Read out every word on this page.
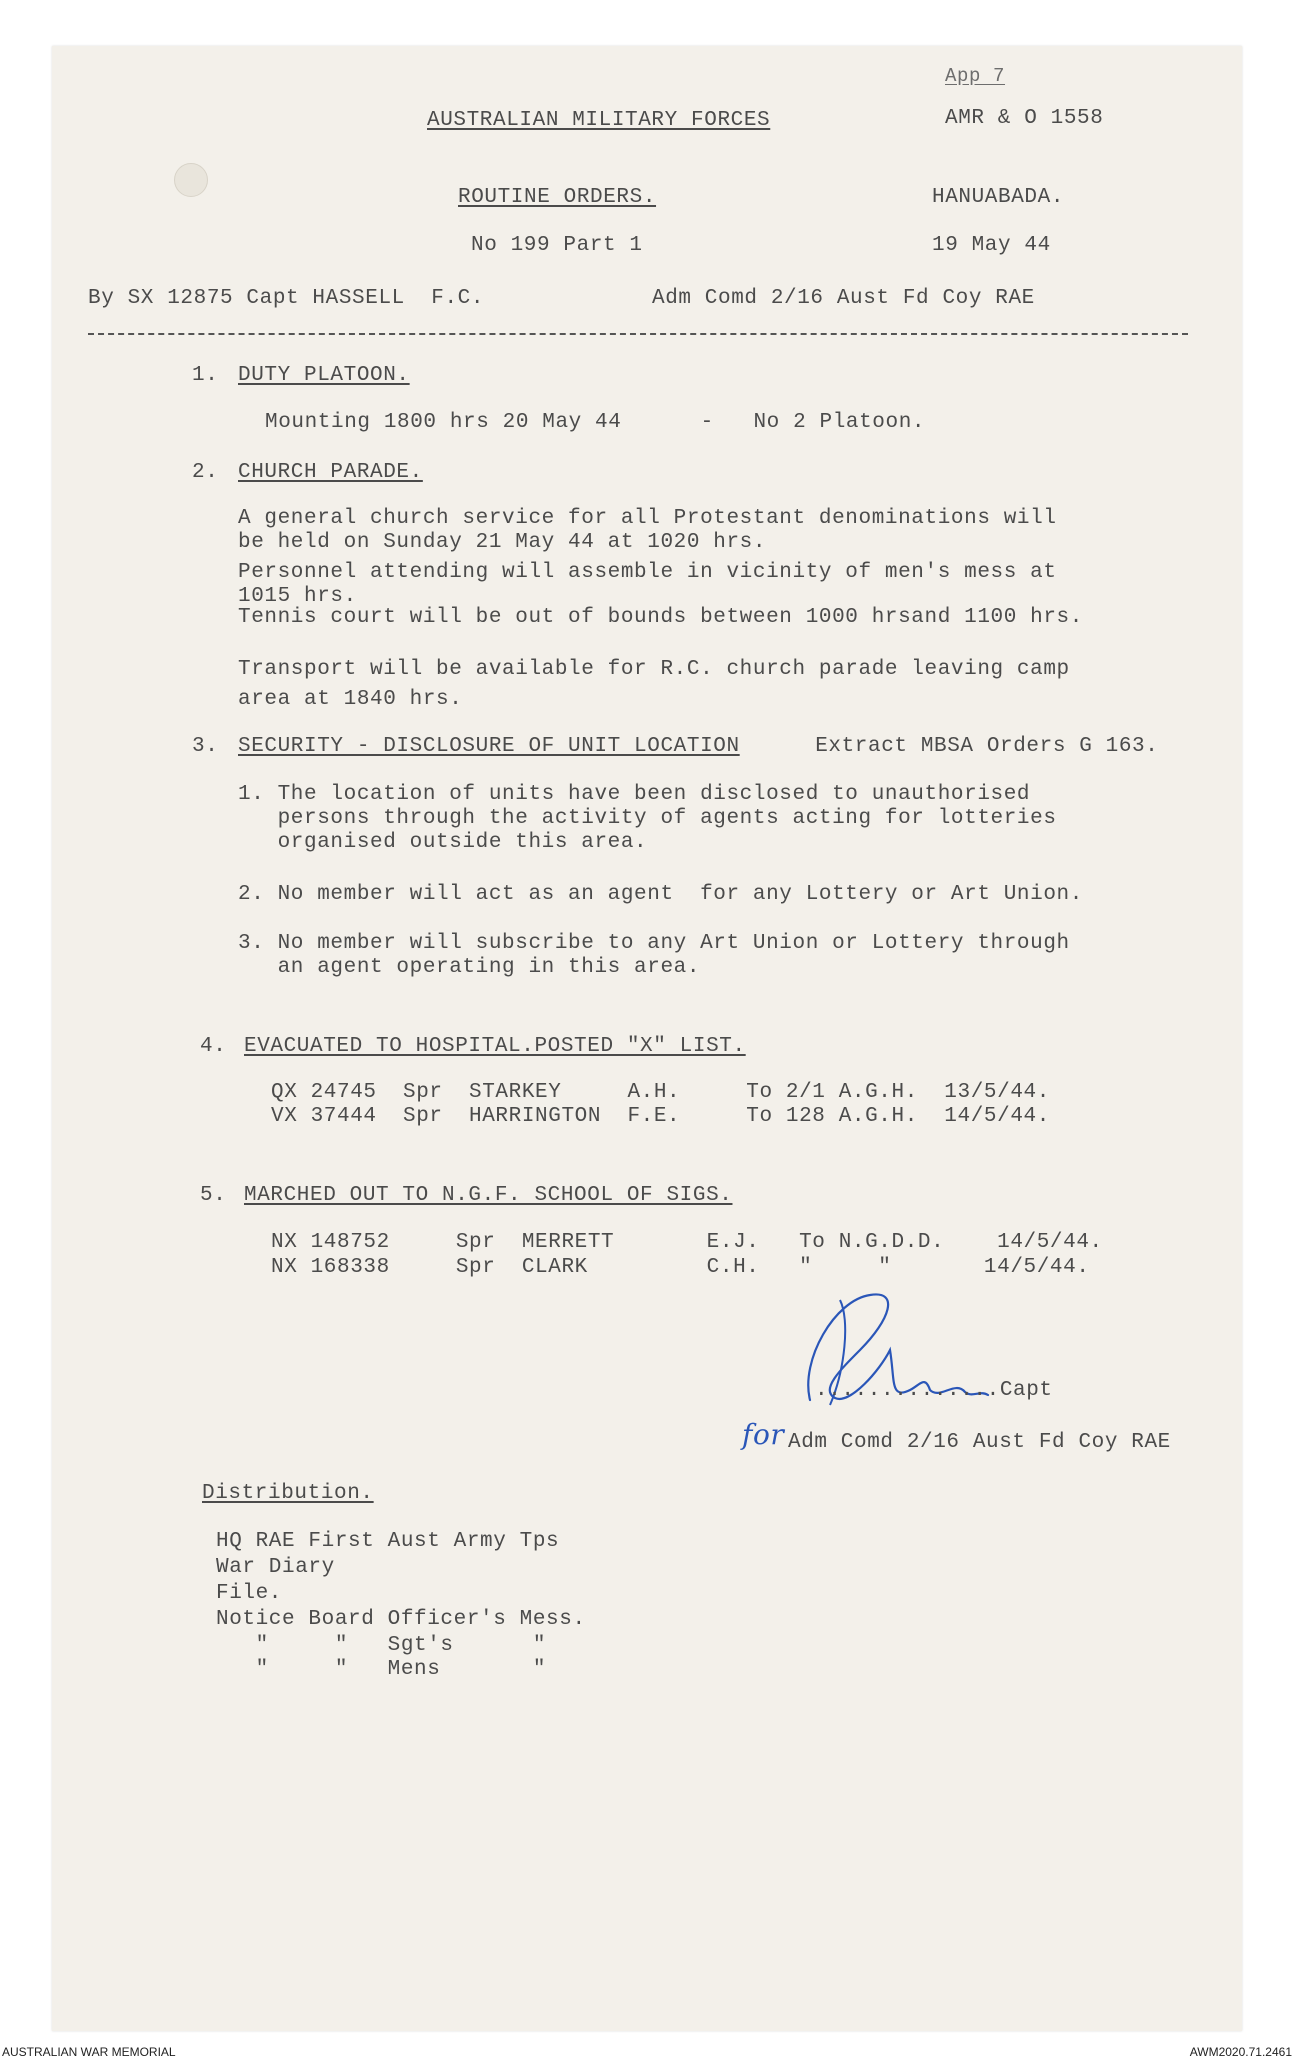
App 7
AUSTRALIAN MILITARY FORCES	AMR & O 1558
ROUTINE ORDERS.	HANUABADA.
No 199 Part 1	19 May 44
By SX 12875 Capt HASSELL  F.C.	Adm Comd 2/16 Aust Fd Coy RAE
1. DUTY PLATOON.
Mounting 1800 hrs 20 May 44      -   No 2 Platoon.
2. CHURCH PARADE.
A general church service for all Protestant denominations will
be held on Sunday 21 May 44 at 1020 hrs.
Personnel attending will assemble in vicinity of men's mess at
1015 hrs.
Tennis court will be out of bounds between 1000 hrsand 1100 hrs.
Transport will be available for R.C. church parade leaving camp
area at 1840 hrs.
3. SECURITY - DISCLOSURE OF UNIT LOCATION	Extract MBSA Orders G 163.
1. The location of units have been disclosed to unauthorised
persons through the activity of agents acting for lotteries
organised outside this area.
2. No member will act as an agent  for any Lottery or Art Union.
3. No member will subscribe to any Art Union or Lottery through
an agent operating in this area.
4. EVACUATED TO HOSPITAL.POSTED "X" LIST.
QX 24745  Spr  STARKEY     A.H.     To 2/1 A.G.H.  13/5/44.
VX 37444  Spr  HARRINGTON  F.E.     To 128 A.G.H.  14/5/44.
5. MARCHED OUT TO N.G.F. SCHOOL OF SIGS.
NX 148752     Spr  MERRETT       E.J.   To N.G.D.D.    14/5/44.
NX 168338     Spr  CLARK         C.H.   "     "       14/5/44.
..............Capt
for Adm Comd 2/16 Aust Fd Coy RAE
Distribution.
HQ RAE First Aust Army Tps
War Diary
File.
Notice Board Officer's Mess.
"     "   Sgt's      "
"     "   Mens       "
AUSTRALIAN WAR MEMORIAL	AWM2020.71.2461
